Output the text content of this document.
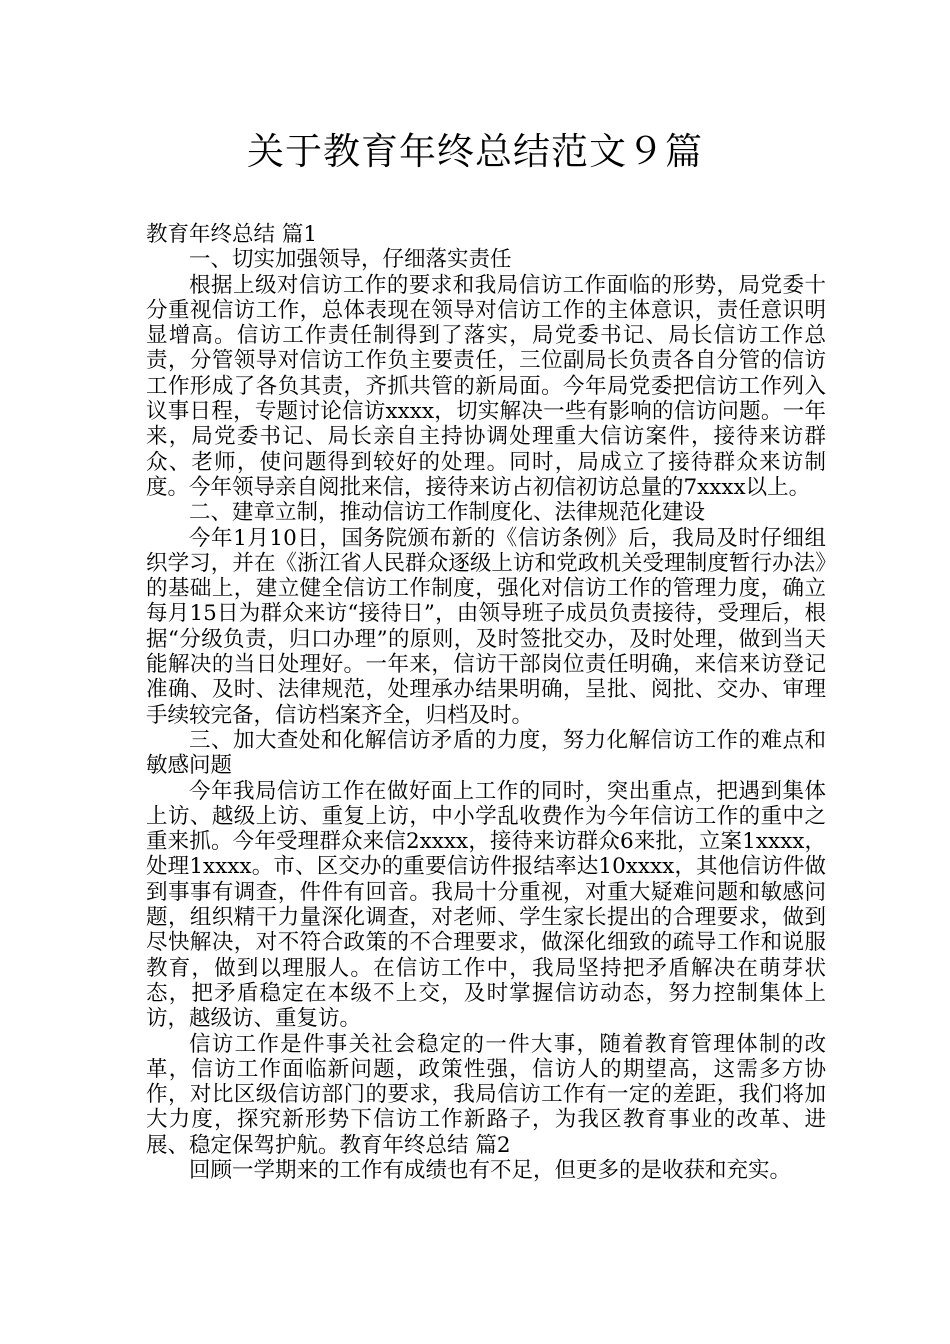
关于教育年终总结范文９篇

教育年终总结 篇1

一、切实加强领导，仔细落实责任

根据上级对信访工作的要求和我局信访工作面临的形势，局党委十分重视信访工作，总体表现在领导对信访工作的主体意识，责任意识明显增高。信访工作责任制得到了落实，局党委书记、局长信访工作总责，分管领导对信访工作负主要责任，三位副局长负责各自分管的信访工作形成了各负其责，齐抓共管的新局面。今年局党委把信访工作列入议事日程，专题讨论信访xxxx，切实解决一些有影响的信访问题。一年来，局党委书记、局长亲自主持协调处理重大信访案件，接待来访群众、老师，使问题得到较好的处理。同时，局成立了接待群众来访制度。今年领导亲自阅批来信，接待来访占初信初访总量的7xxxx以上。

二、建章立制，推动信访工作制度化、法律规范化建设

今年1月10日，国务院颁布新的《信访条例》后，我局及时仔细组织学习，并在《浙江省人民群众逐级上访和党政机关受理制度暂行办法》的基础上，建立健全信访工作制度，强化对信访工作的管理力度，确立每月15日为群众来访“接待日”，由领导班子成员负责接待，受理后，根据“分级负责，归口办理”的原则，及时签批交办，及时处理，做到当天能解决的当日处理好。一年来，信访干部岗位责任明确，来信来访登记准确、及时、法律规范，处理承办结果明确，呈批、阅批、交办、审理手续较完备，信访档案齐全，归档及时。

三、加大查处和化解信访矛盾的力度，努力化解信访工作的难点和敏感问题

今年我局信访工作在做好面上工作的同时，突出重点，把遇到集体上访、越级上访、重复上访，中小学乱收费作为今年信访工作的重中之重来抓。今年受理群众来信2xxxx，接待来访群众6来批，立案1xxxx，处理1xxxx。市、区交办的重要信访件报结率达10xxxx，其他信访件做到事事有调查，件件有回音。我局十分重视，对重大疑难问题和敏感问题，组织精干力量深化调查，对老师、学生家长提出的合理要求，做到尽快解决，对不符合政策的不合理要求，做深化细致的疏导工作和说服教育，做到以理服人。在信访工作中，我局坚持把矛盾解决在萌芽状态，把矛盾稳定在本级不上交，及时掌握信访动态，努力控制集体上访，越级访、重复访。

信访工作是件事关社会稳定的一件大事，随着教育管理体制的改革，信访工作面临新问题，政策性强，信访人的期望高，这需多方协作，对比区级信访部门的要求，我局信访工作有一定的差距，我们将加大力度，探究新形势下信访工作新路子，为我区教育事业的改革、进展、稳定保驾护航。教育年终总结 篇2

回顾一学期来的工作有成绩也有不足，但更多的是收获和充实。
